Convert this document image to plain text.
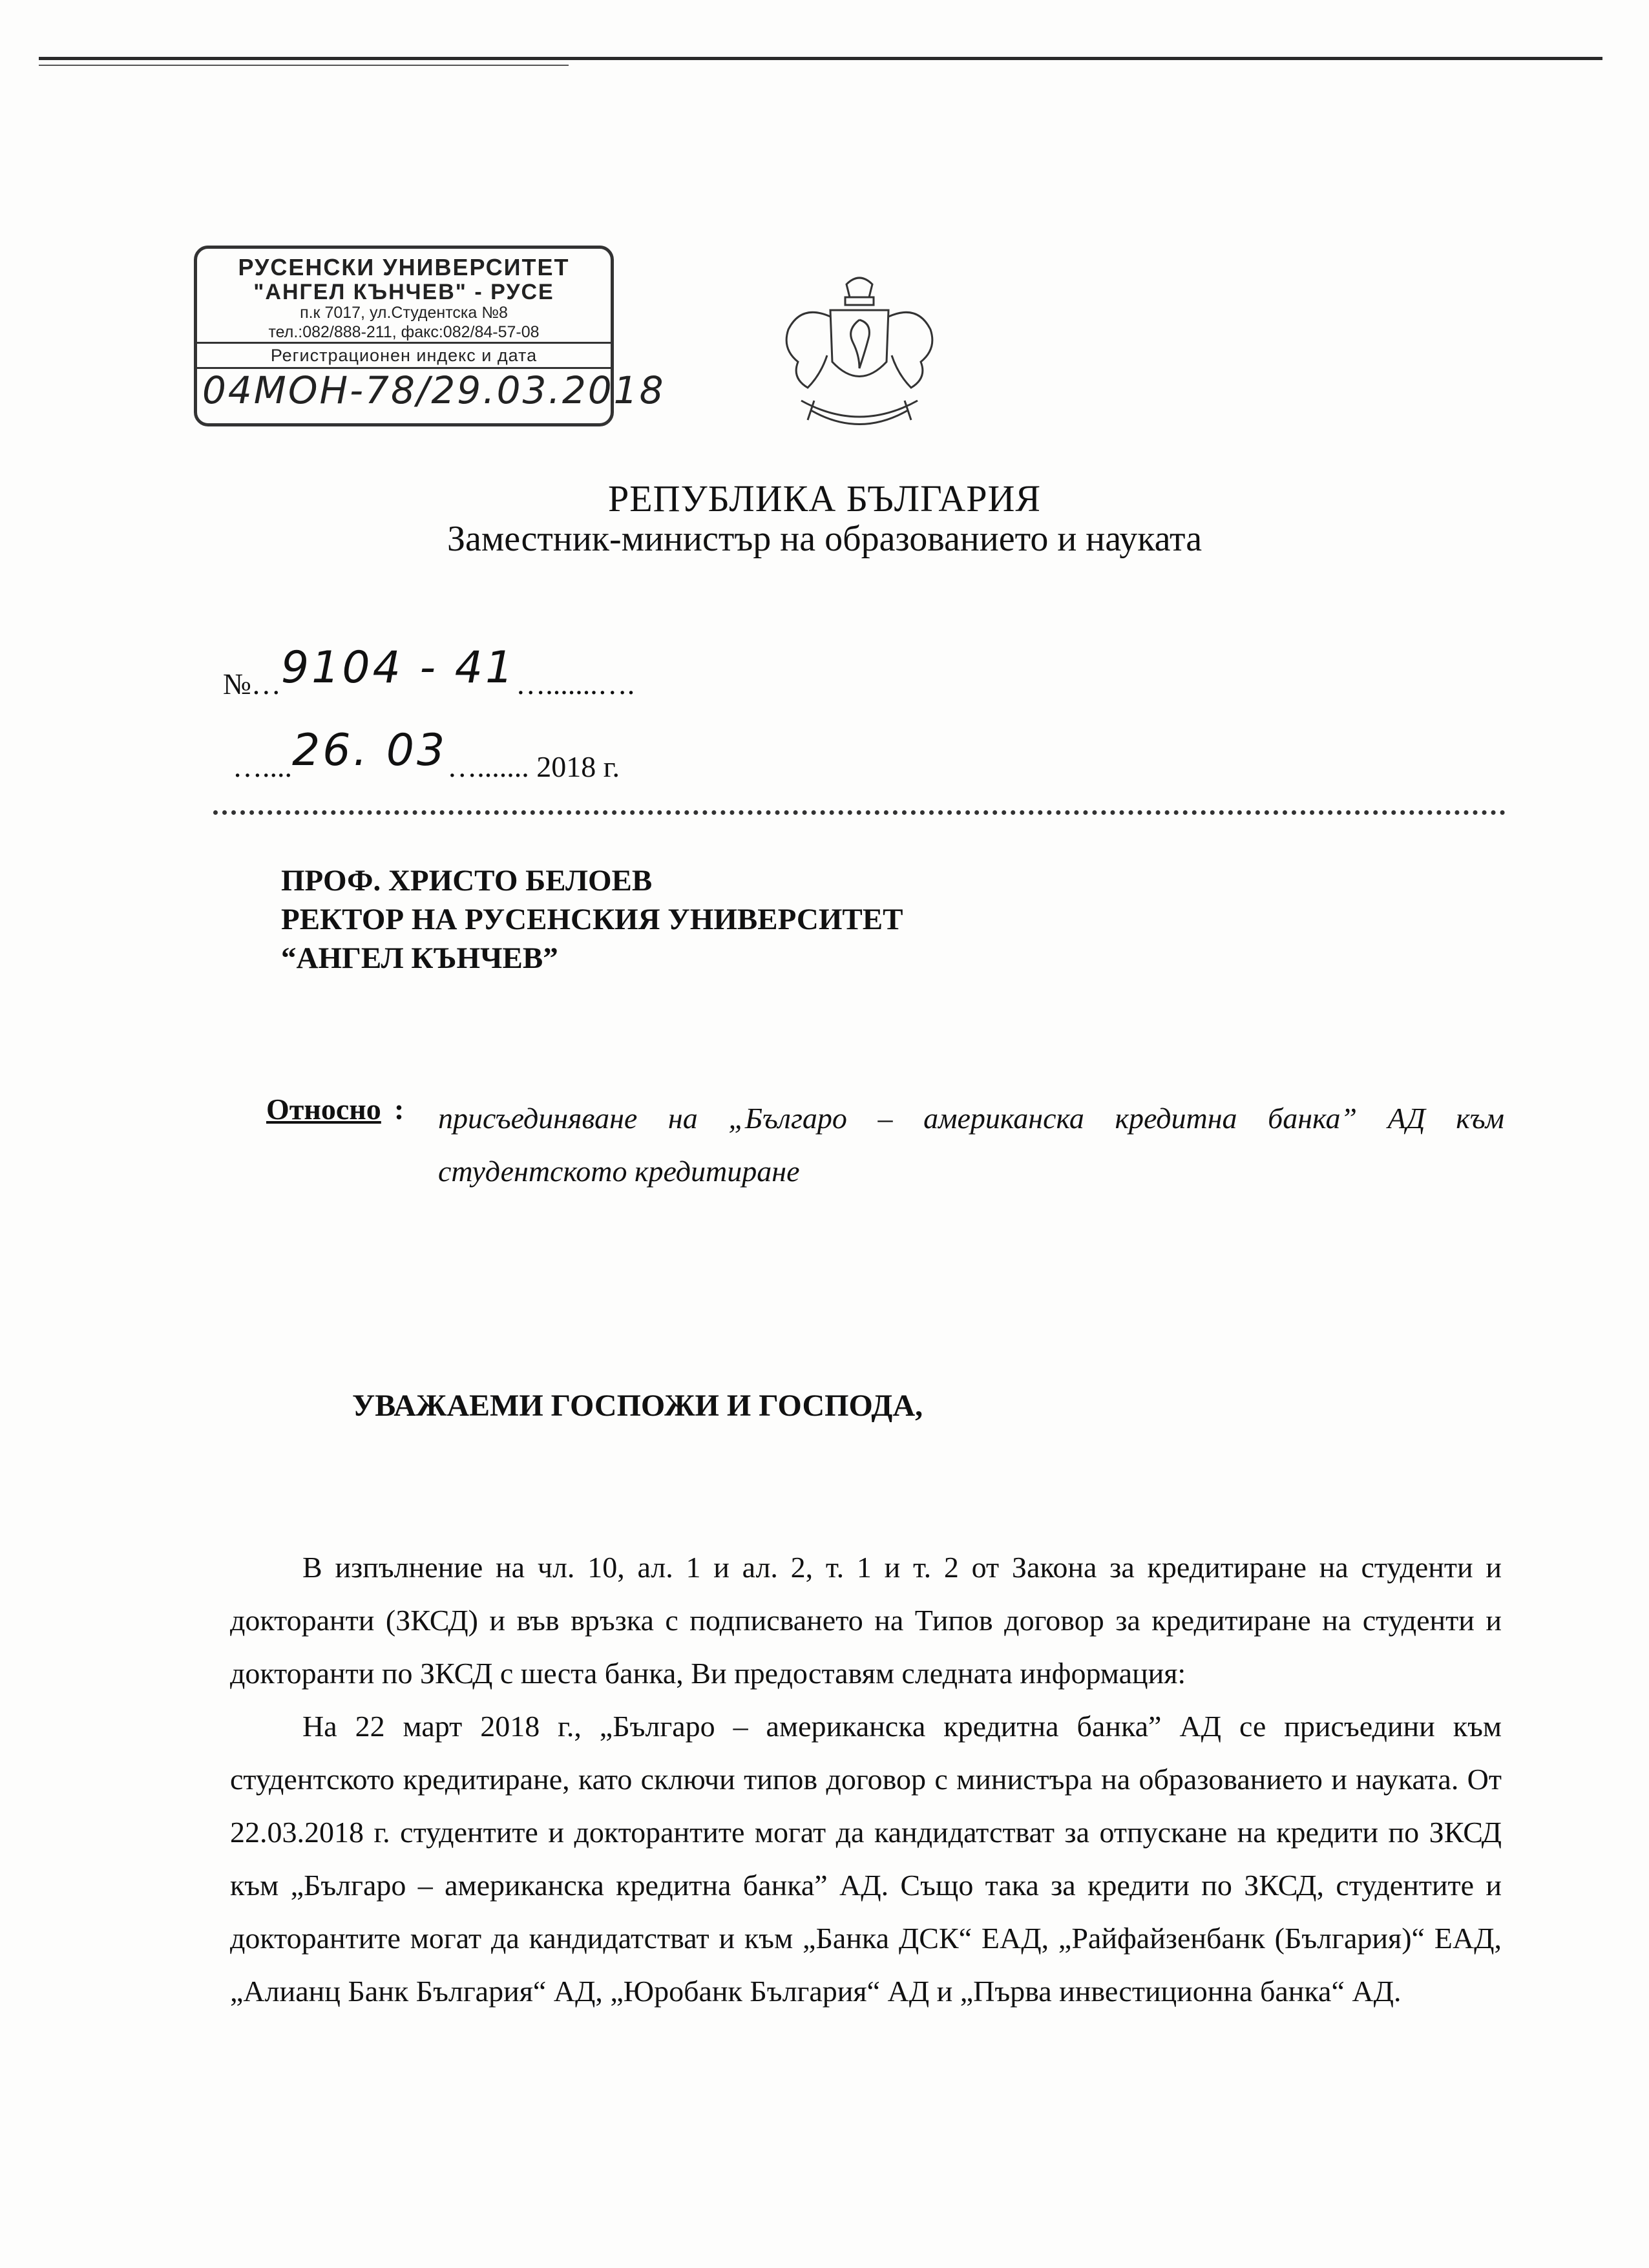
РУСЕНСКИ УНИВЕРСИТЕТ
"АНГЕЛ КЪНЧЕВ" - РУСЕ
п.к 7017, ул.Студентска №8
тел.:082/888-211, факс:082/84-57-08
Регистрационен индекс и дата
04МОН-78/29.03.2018
РЕПУБЛИКА БЪЛГАРИЯ
Заместник-министър на образованието и науката
№…9104 - 41….......….
…....26. 03…....... 2018 г.
ПРОФ. ХРИСТО БЕЛОЕВ
РЕКТОР НА РУСЕНСКИЯ УНИВЕРСИТЕТ
“АНГЕЛ КЪНЧЕВ”
Относно : присъединяване на „Българо – американска кредитна банка” АД към студентското кредитиране
УВАЖАЕМИ ГОСПОЖИ И ГОСПОДА,
В изпълнение на чл. 10, ал. 1 и ал. 2, т. 1 и т. 2 от Закона за кредитиране на студенти и докторанти (ЗКСД) и във връзка с подписването на Типов договор за кредитиране на студенти и докторанти по ЗКСД с шеста банка, Ви предоставям следната информация:
На 22 март 2018 г., „Българо – американска кредитна банка” АД се присъедини към студентското кредитиране, като сключи типов договор с министъра на образованието и науката. От 22.03.2018 г. студентите и докторантите могат да кандидатстват за отпускане на кредити по ЗКСД към „Българо – американска кредитна банка” АД. Също така за кредити по ЗКСД, студентите и докторантите могат да кандидатстват и към „Банка ДСК“ ЕАД, „Райфайзенбанк (България)“ ЕАД, „Алианц Банк България“ АД, „Юробанк България“ АД и „Първа инвестиционна банка“ АД.
